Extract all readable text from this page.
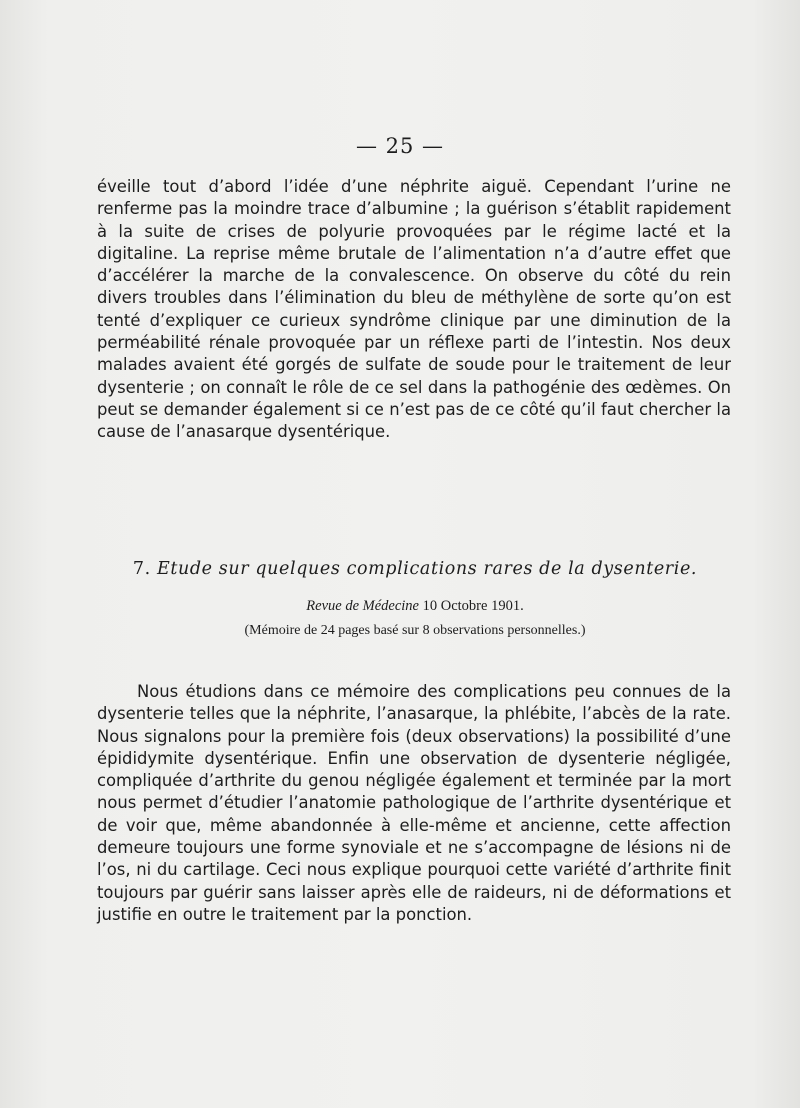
— 25 —

éveille tout d’abord l’idée d’une néphrite aiguë. Cependant l’urine ne renferme pas la moindre trace d’albumine ; la guérison s’établit rapidement à la suite de crises de polyurie provoquées par le régime lacté et la digitaline. La reprise même brutale de l’alimentation n’a d’autre effet que d’accélérer la marche de la convalescence. On observe du côté du rein divers troubles dans l’élimination du bleu de méthylène de sorte qu’on est tenté d’expliquer ce curieux syndrôme clinique par une diminution de la perméabilité rénale provoquée par un réflexe parti de l’intestin. Nos deux malades avaient été gorgés de sulfate de soude pour le traitement de leur dysenterie ; on connaît le rôle de ce sel dans la pathogénie des œdèmes. On peut se demander également si ce n’est pas de ce côté qu’il faut chercher la cause de l’anasarque dysentérique.

7. Etude sur quelques complications rares de la dysenterie.
Revue de Médecine 10 Octobre 1901.
(Mémoire de 24 pages basé sur 8 observations personnelles.)

Nous étudions dans ce mémoire des complications peu connues de la dysenterie telles que la néphrite, l’anasarque, la phlébite, l’abcès de la rate. Nous signalons pour la première fois (deux observations) la possibilité d’une épididymite dysentérique. Enfin une observation de dysenterie négligée, compliquée d’arthrite du genou négligée également et terminée par la mort nous permet d’étudier l’anatomie pathologique de l’arthrite dysentérique et de voir que, même abandonnée à elle-même et ancienne, cette affection demeure toujours une forme synoviale et ne s’accompagne de lésions ni de l’os, ni du cartilage. Ceci nous explique pourquoi cette variété d’arthrite finit toujours par guérir sans laisser après elle de raideurs, ni de déformations et justifie en outre le traitement par la ponction.
